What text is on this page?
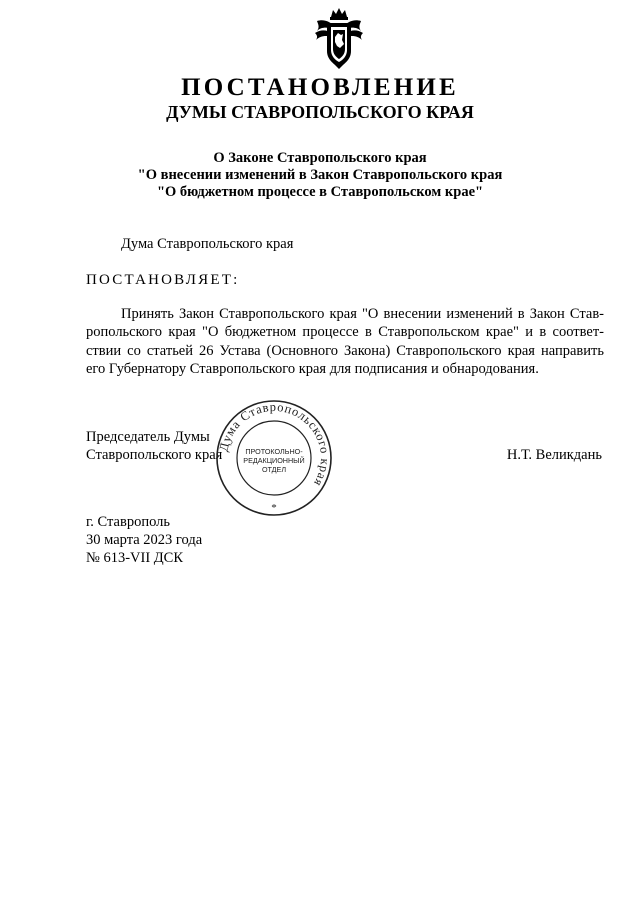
ПОСТАНОВЛЕНИЕ
ДУМЫ СТАВРОПОЛЬСКОГО КРАЯ
О Законе Ставропольского края
"О внесении изменений в Закон Ставропольского края
"О бюджетном процессе в Ставропольском крае"
Дума Ставропольского края
ПОСТАНОВЛЯЕТ:
Принять Закон Ставропольского края "О внесении изменений в Закон Став-
ропольского края "О бюджетном процессе в Ставропольском крае" и в соответ-
ствии со статьей 26 Устава (Основного Закона) Ставропольского края направить
его Губернатору Ставропольского края для подписания и обнародования.
Председатель Думы
Ставропольского края	Н.Т. Великдань
Дума Ставропольского края
ПРОТОКОЛЬНО-
РЕДАКЦИОННЫЙ
ОТДЕЛ
*
г. Ставрополь
30 марта 2023 года
№ 613-VII ДСК
